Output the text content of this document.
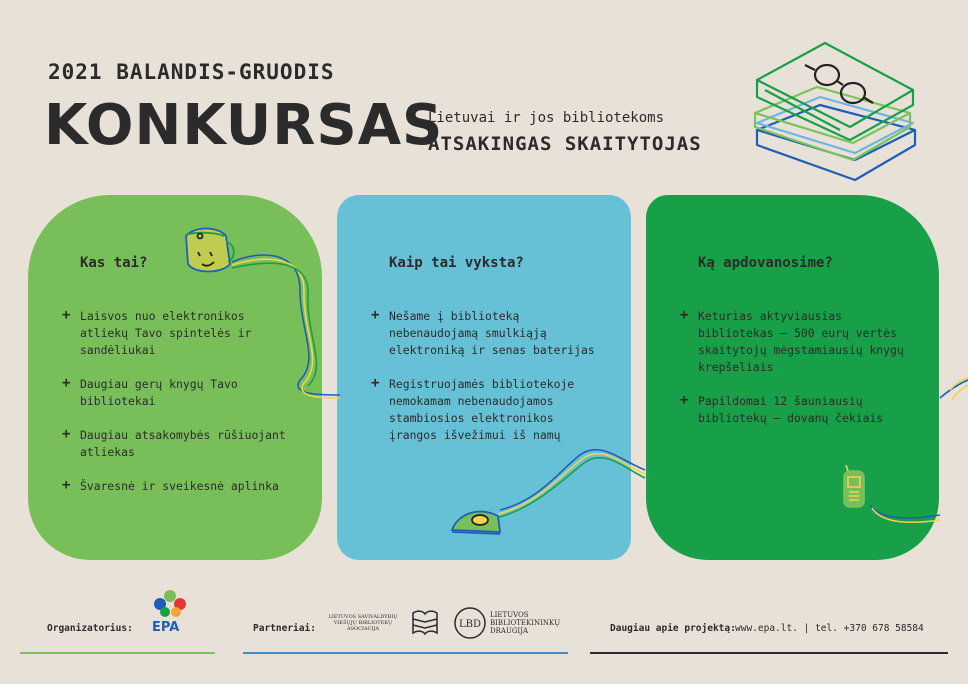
2021 BALANDIS-GRUODIS
KONKURSAS
Lietuvai ir jos bibliotekoms
ATSAKINGAS SKAITYTOJAS
Kas tai?
+ Laisvos nuo elektronikos atliekų Tavo spintelės ir sandėliukai
+ Daugiau gerų knygų Tavo bibliotekai
+ Daugiau atsakomybės rūšiuojant atliekas
+ Švaresnė ir sveikesnė aplinka
Kaip tai vyksta?
+ Nešame į biblioteką nebenaudojamą smulkiąją elektroniką ir senas baterijas
+ Registruojamės bibliotekoje nemokamam nebenaudojamos stambiosios elektronikos įrangos išvežimui iš namų
Ką apdovanosime?
+ Keturias aktyviausias bibliotekas – 500 eurų vertės skaitytojų mėgstamiausių knygų krepšeliais
+ Papildomai 12 šauniausių bibliotekų – dovanų čekiais
Organizatorius: EPA	Partneriai:
LIETUVOS SAVIVALDYBIŲ VIEŠŲJŲ BIBLIOTEKŲ ASOCIACIJA	LBD
LIETUVOS BIBLIOTEKININKŲ DRAUGIJA	Daugiau apie projektą: www.epa.lt. | tel. +370 678 58584
